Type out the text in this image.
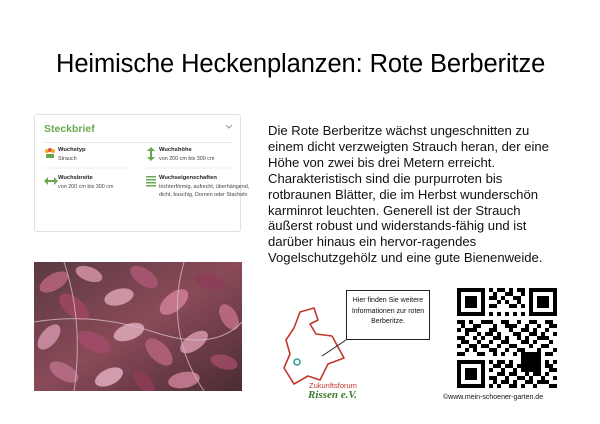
Heimische Heckenplanzen: Rote Berberitze
Steckbrief
Wuchstyp
Strauch
Wuchshöhe
von 200 cm bis 300 cm
Wuchsbreite
von 200 cm bis 300 cm
Wuchseigenschaften
trichterförmig, aufrecht, überhängend, dicht, buschig, Dornen oder Stacheln

Die Rote Berberitze wächst ungeschnitten zu einem dicht verzweigten Strauch heran, der eine Höhe von zwei bis drei Metern erreicht. Charakteristisch sind die purpurroten bis rotbraunen Blätter, die im Herbst wunderschön karminrot leuchten. Generell ist der Strauch äußerst robust und widerstands-fähig und ist darüber hinaus ein hervor-ragendes Vogelschutzgehölz und eine gute Bienenweide.

Zukunftsforum
Rissen e.V.
Hier finden Sie weitere Informationen zur roten Berberitze.
©www.mein-schoener-garten.de
